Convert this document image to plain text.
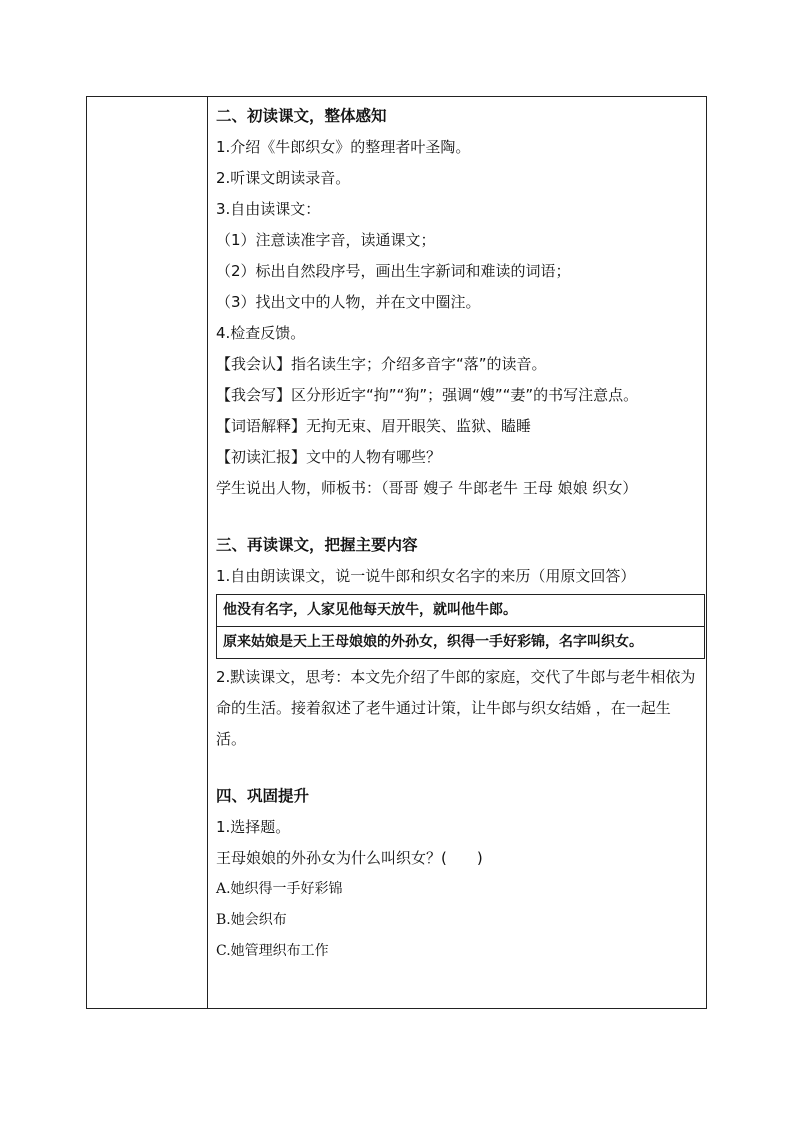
二、初读课文，整体感知
1.介绍《牛郎织女》的整理者叶圣陶。
2.听课文朗读录音。
3.自由读课文：
（1）注意读准字音，读通课文；
（2）标出自然段序号，画出生字新词和难读的词语；
（3）找出文中的人物，并在文中圈注。
4.检查反馈。
【我会认】指名读生字；介绍多音字“落”的读音。
【我会写】区分形近字“拘”“狗”；强调“嫂”“妻”的书写注意点。
【词语解释】无拘无束、眉开眼笑、监狱、瞌睡
【初读汇报】文中的人物有哪些？
学生说出人物，师板书：（哥哥 嫂子 牛郎老牛 王母 娘娘 织女）
三、再读课文，把握主要内容
1.自由朗读课文，说一说牛郎和织女名字的来历（用原文回答）
他没有名字，人家见他每天放牛，就叫他牛郎。
原来姑娘是天上王母娘娘的外孙女，织得一手好彩锦，名字叫织女。
2.默读课文，思考：本文先介绍了牛郎的家庭，交代了牛郎与老牛相依为命的生活。接着叙述了老牛通过计策，让牛郎与织女结婚 ，在一起生活。
四、巩固提升
1.选择题。
王母娘娘的外孙女为什么叫织女？(　　)
A.她织得一手好彩锦
B.她会织布
C.她管理织布工作
